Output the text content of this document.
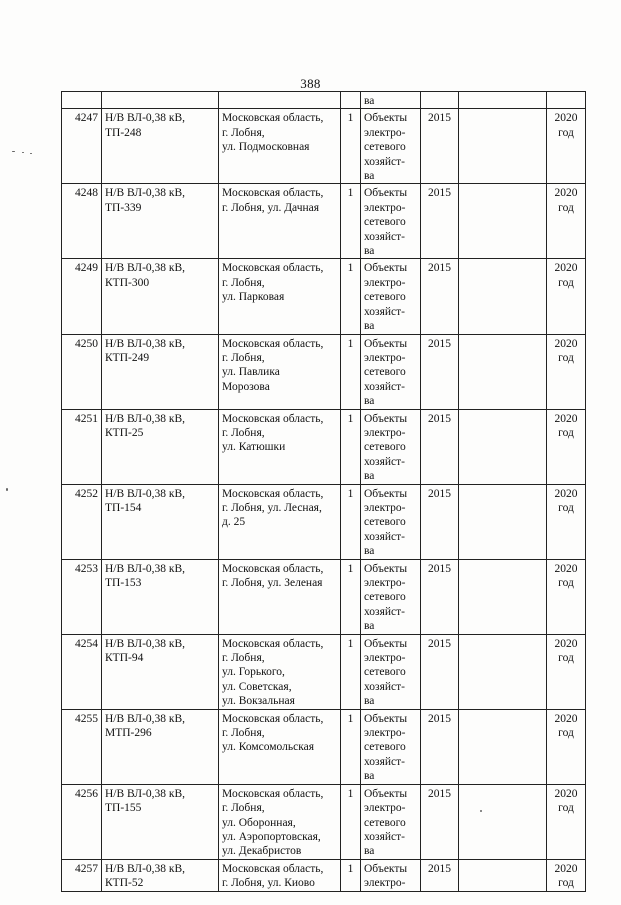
388
				ва			
4247	Н/В ВЛ-0,38 кВ,
ТП-248	Московская область,
г. Лобня,
ул. Подмосковная	1	Объекты
электро-
сетевого
хозяйст-
ва	2015		2020год
4248	Н/В ВЛ-0,38 кВ,
ТП-339	Московская область,
г. Лобня, ул. Дачная	1	Объекты
электро-
сетевого
хозяйст-
ва	2015		2020год
4249	Н/В ВЛ-0,38 кВ,
КТП-300	Московская область,
г. Лобня,
ул. Парковая	1	Объекты
электро-
сетевого
хозяйст-
ва	2015		2020год
4250	Н/В ВЛ-0,38 кВ,
КТП-249	Московская область,
г. Лобня,
ул. Павлика
Морозова	1	Объекты
электро-
сетевого
хозяйст-
ва	2015		2020год
4251	Н/В ВЛ-0,38 кВ,
КТП-25	Московская область,
г. Лобня,
ул. Катюшки	1	Объекты
электро-
сетевого
хозяйст-
ва	2015		2020год
4252	Н/В ВЛ-0,38 кВ,
ТП-154	Московская область,
г. Лобня, ул. Лесная,
д. 25	1	Объекты
электро-
сетевого
хозяйст-
ва	2015		2020год
4253	Н/В ВЛ-0,38 кВ,
ТП-153	Московская область,
г. Лобня, ул. Зеленая	1	Объекты
электро-
сетевого
хозяйст-
ва	2015		2020год
4254	Н/В ВЛ-0,38 кВ,
КТП-94	Московская область,
г. Лобня,
ул. Горького,
ул. Советская,
ул. Вокзальная	1	Объекты
электро-
сетевого
хозяйст-
ва	2015		2020год
4255	Н/В ВЛ-0,38 кВ,
МТП-296	Московская область,
г. Лобня,
ул. Комсомольская	1	Объекты
электро-
сетевого
хозяйст-
ва	2015		2020год
4256	Н/В ВЛ-0,38 кВ,
ТП-155	Московская область,
г. Лобня,
ул. Оборонная,
ул. Аэропортовская,
ул. Декабристов	1	Объекты
электро-
сетевого
хозяйст-
ва	2015		2020год
4257	Н/В ВЛ-0,38 кВ,
КТП-52	Московская область,
г. Лобня, ул. Киово	1	Объекты
электро-	2015		2020год
